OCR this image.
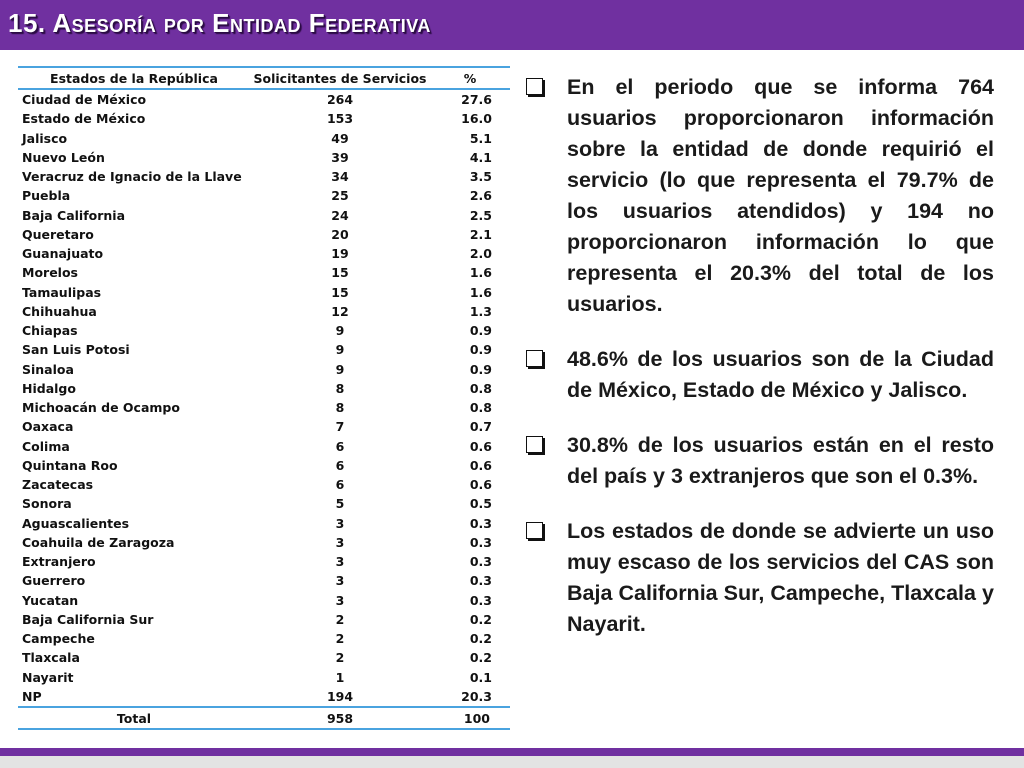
15. Asesoría por Entidad Federativa
Estados de la República	Solicitantes de Servicios	%
Ciudad de México	264	27.6
Estado de México	153	16.0
Jalisco	49	5.1
Nuevo León	39	4.1
Veracruz de Ignacio de la Llave	34	3.5
Puebla	25	2.6
Baja California	24	2.5
Queretaro	20	2.1
Guanajuato	19	2.0
Morelos	15	1.6
Tamaulipas	15	1.6
Chihuahua	12	1.3
Chiapas	9	0.9
San Luis Potosi	9	0.9
Sinaloa	9	0.9
Hidalgo	8	0.8
Michoacán de Ocampo	8	0.8
Oaxaca	7	0.7
Colima	6	0.6
Quintana Roo	6	0.6
Zacatecas	6	0.6
Sonora	5	0.5
Aguascalientes	3	0.3
Coahuila de Zaragoza	3	0.3
Extranjero	3	0.3
Guerrero	3	0.3
Yucatan	3	0.3
Baja California Sur	2	0.2
Campeche	2	0.2
Tlaxcala	2	0.2
Nayarit	1	0.1
NP	194	20.3
Total	958	100
En el periodo que se informa 764 usuarios proporcionaron información sobre la entidad de donde requirió el servicio (lo que representa el 79.7% de los usuarios atendidos) y 194 no proporcionaron información lo que representa el 20.3% del total de los usuarios.
48.6% de los usuarios son de la Ciudad de México, Estado de México y Jalisco.
30.8% de los usuarios están en el resto del país y 3 extranjeros que son el 0.3%.
Los estados de donde se advierte un uso muy escaso de los servicios del CAS son Baja California Sur, Campeche, Tlaxcala y Nayarit.
